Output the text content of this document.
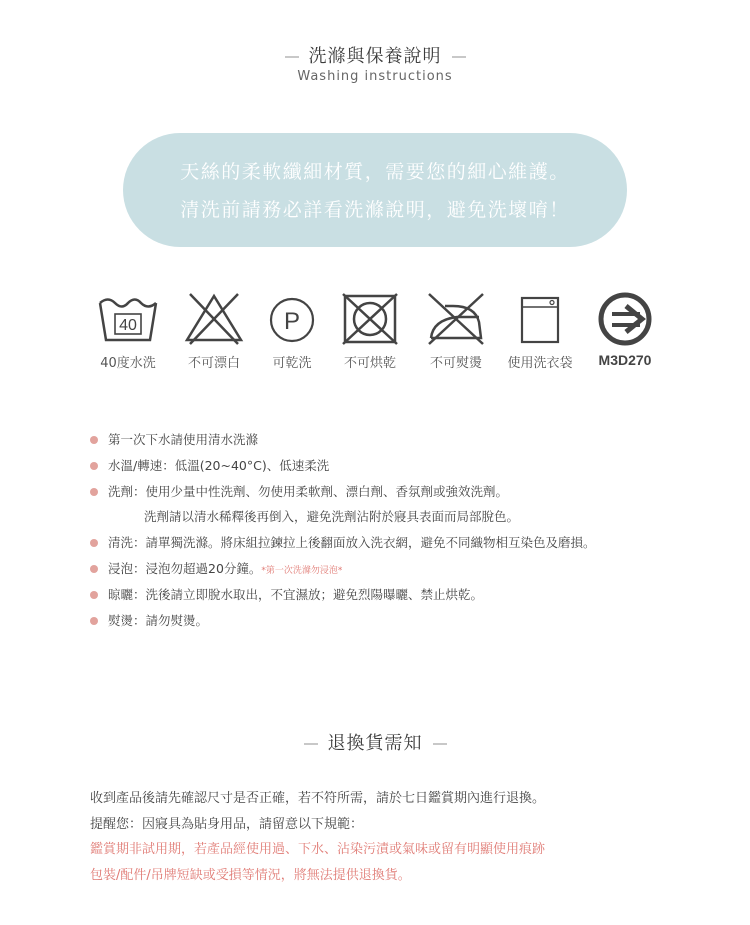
洗滌與保養說明
Washing instructions
天絲的柔軟纖細材質，需要您的細心維護。
清洗前請務必詳看洗滌說明，避免洗壞唷！
40
40度水洗	不可漂白
P
可乾洗	不可烘乾	不可熨燙	使用洗衣袋	M3D270
第一次下水請使用清水洗滌
水溫/轉速：低溫(20~40°C)、低速柔洗
洗劑：使用少量中性洗劑、勿使用柔軟劑、漂白劑、香氛劑或強效洗劑。
洗劑請以清水稀釋後再倒入，避免洗劑沾附於寢具表面而局部脫色。
清洗：請單獨洗滌。將床組拉鍊拉上後翻面放入洗衣網，避免不同織物相互染色及磨損。
浸泡：浸泡勿超過20分鐘。*第一次洗滌勿浸泡*
晾曬：洗後請立即脫水取出，不宜濕放；避免烈陽曝曬、禁止烘乾。
熨燙：請勿熨燙。
退換貨需知
收到產品後請先確認尺寸是否正確，若不符所需，請於七日鑑賞期內進行退換。
提醒您：因寢具為貼身用品，請留意以下規範：
鑑賞期非試用期，若產品經使用過、下水、沾染污漬或氣味或留有明顯使用痕跡
包裝/配件/吊牌短缺或受損等情況，將無法提供退換貨。
